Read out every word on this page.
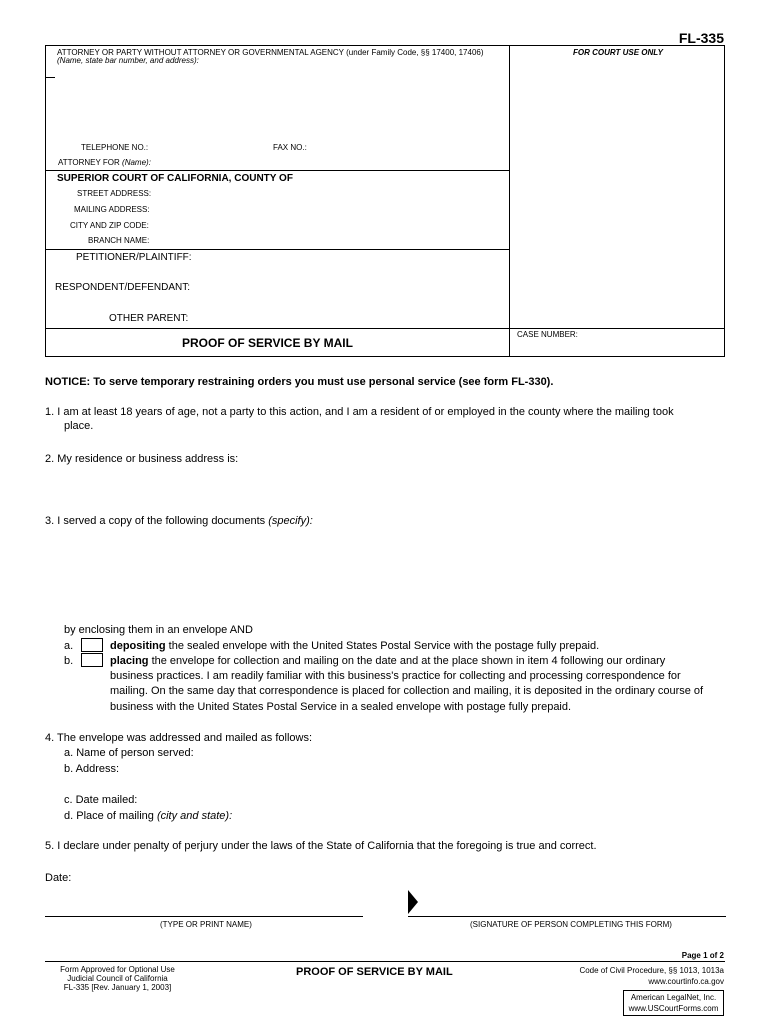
FL-335
ATTORNEY OR PARTY WITHOUT ATTORNEY OR GOVERNMENTAL AGENCY (under Family Code, §§ 17400, 17406)
(Name, state bar number, and address):
FOR COURT USE ONLY
TELEPHONE NO.:	FAX NO.:
ATTORNEY FOR (Name):
SUPERIOR COURT OF CALIFORNIA, COUNTY OF
STREET ADDRESS:
MAILING ADDRESS:
CITY AND ZIP CODE:
BRANCH NAME:
PETITIONER/PLAINTIFF:
RESPONDENT/DEFENDANT:
OTHER PARENT:
PROOF OF SERVICE BY MAIL
CASE NUMBER:
NOTICE: To serve temporary restraining orders you must use personal service (see form FL-330).
1. I am at least 18 years of age, not a party to this action, and I am a resident of or employed in the county where the mailing took
place.
2. My residence or business address is:
3. I served a copy of the following documents (specify):
by enclosing them in an envelope AND
a.	depositing the sealed envelope with the United States Postal Service with the postage fully prepaid.
b.	placing the envelope for collection and mailing on the date and at the place shown in item 4 following our ordinary
business practices. I am readily familiar with this business's practice for collecting and processing correspondence for
mailing. On the same day that correspondence is placed for collection and mailing, it is deposited in the ordinary course of
business with the United States Postal Service in a sealed envelope with postage fully prepaid.
4. The envelope was addressed and mailed as follows:
a. Name of person served:
b. Address:
c. Date mailed:
d. Place of mailing (city and state):
5. I declare under penalty of perjury under the laws of the State of California that the foregoing is true and correct.
Date:
(TYPE OR PRINT NAME)	(SIGNATURE OF PERSON COMPLETING THIS FORM)
Page 1 of 2
Form Approved for Optional Use
Judicial Council of California
FL-335 [Rev. January 1, 2003]
PROOF OF SERVICE BY MAIL	Code of Civil Procedure, §§ 1013, 1013a
www.courtinfo.ca.gov
American LegalNet, Inc.
www.USCourtForms.com
